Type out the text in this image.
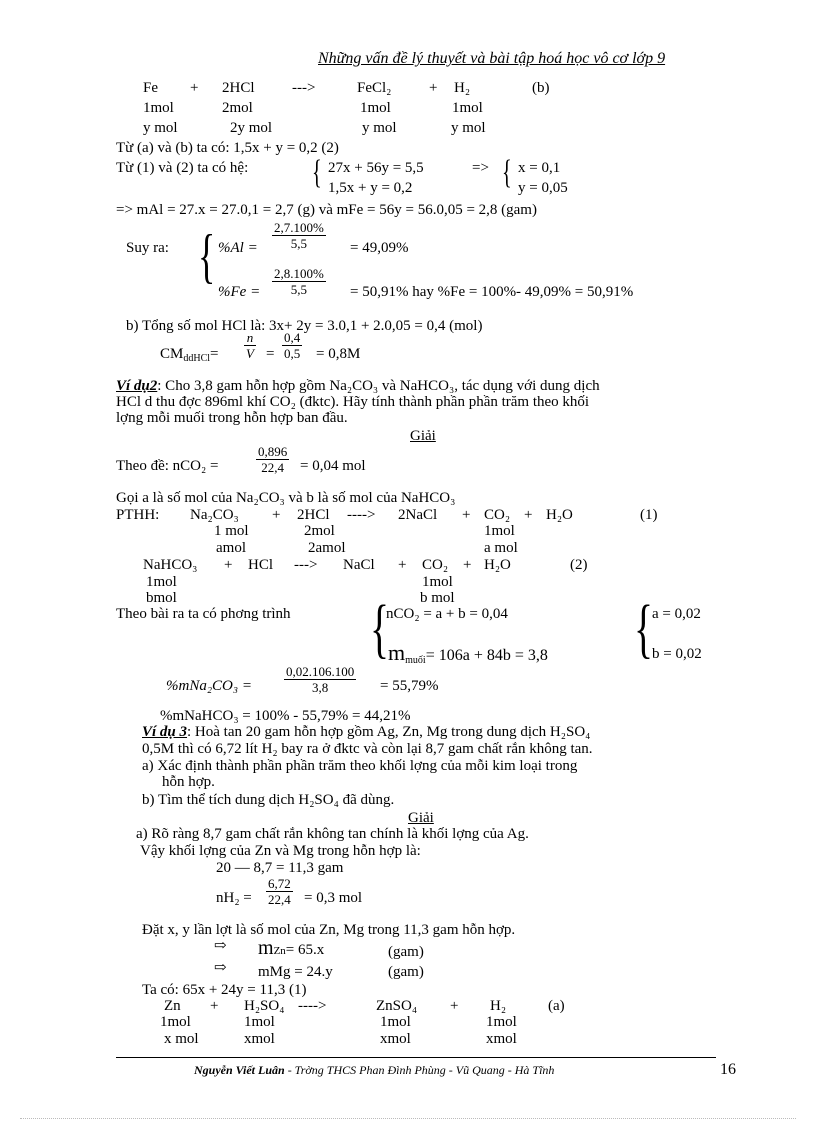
Những vấn đề lý thuyết và bài tập hoá học vô cơ lớp 9
Fe + 2HCl --->	FeCl₂	+ H₂	(b)
1mol	2mol	1mol	1mol
y mol	2y mol	y mol	y mol
Từ (a) và (b) ta có: 1,5x + y = 0,2 (2)
Từ (1) và (2) ta có hệ: { 27x + 56y = 5,5	=> { x = 0,1
1,5x + y = 0,2	y = 0,05
=> mAl = 27.x = 27.0,1 = 2,7 (g) và mFe = 56y = 56.0,05 = 2,8 (gam)
Suy ra: { $\%Al = \frac{2,7.100\%}{5,5} = 49,09\%$
$\%Fe = \frac{2,8.100\%}{5,5} = 50,91\%$ hay %Fe = 100%- 49,09% = 50,91%
b) Tổng số mol HCl là: 3x+ 2y = 3.0,1 + 2.0,05 = 0,4 (mol)
$CM_{ddHCl}= \frac{n}{V} = \frac{0,4}{0,5} = 0,8M$
Ví dụ2: Cho 3,8 gam hỗn hợp gồm Na₂CO₃ và NaHCO₃, tác dụng với dung dịch
HCl d thu đợc 896ml khí CO₂ (đktc). Hãy tính thành phần phần trăm theo khối
lợng mỗi muối trong hỗn hợp ban đầu.
Giải
Theo đề: nCO₂ =	$\frac{0,896}{22,4} = 0,04$ mol
Gọi a là số mol của Na₂CO₃ và b là số mol của NaHCO₃
PTHH: Na₂CO₃ + 2HCl ----> 2NaCl + CO₂ + H₂O	(1)
1 mol	2mol	1mol
amol	2amol	a mol
NaHCO₃ + HCl ---> NaCl + CO₂ + H₂O	(2)
1mol	1mol
bmol	b mol
Theo bài ra ta có phơng trình {
nCO₂ = a + b = 0,04
$m_{muối}= 106a + 84b = 3,8$ {
a = 0,02
b = 0,02
$\%mNa_2CO_3 = \frac{0,02.106.100}{3,8} = 55,79\%$
%mNaHCO₃ = 100% - 55,79% = 44,21%
Ví dụ 3: Hoà tan 20 gam hỗn hợp gồm Ag, Zn, Mg trong dung dịch H₂SO₄
0,5M thì có 6,72 lít H₂ bay ra ở đktc và còn lại 8,7 gam chất rắn không tan.
a) Xác định thành phần phần trăm theo khối lợng của mỗi kim loại trong
hỗn hợp.
b) Tìm thể tích dung dịch H₂SO₄ đã dùng.
Giải
a) Rõ ràng 8,7 gam chất rắn không tan chính là khối lợng của Ag.
Vậy khối lợng của Zn và Mg trong hỗn hợp là:
20 — 8,7 = 11,3 gam
$nH_2 = \frac{6,72}{22,4} = 0,3$ mol
Đặt x, y lần lợt là số mol của Zn, Mg trong 11,3 gam hỗn hợp.
⇨ mZn= 65.x	(gam)
⇨ mMg = 24.y	(gam)
Ta có: 65x + 24y = 11,3 (1)
Zn + H₂SO₄ ---->	ZnSO₄ + H₂	(a)
1mol	1mol	1mol	1mol
x mol	xmol	xmol	xmol
Nguyễn Viết Luân - Trờng THCS Phan Đình Phùng - Vũ Quang - Hà Tĩnh	16
